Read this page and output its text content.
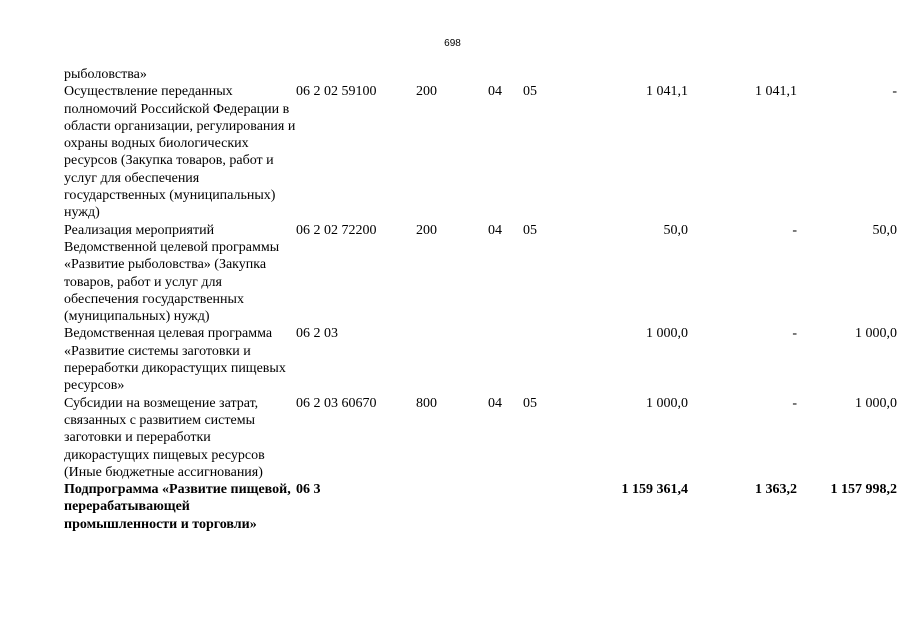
698
рыболовства»							
Осуществление переданных полномочий Российской Федерации в области организации, регулирования и охраны водных биологических ресурсов (Закупка товаров, работ и услуг для обеспечения государственных (муниципальных) нужд)	06 2 02 59100	200	04	05	1 041,1	1 041,1	-
Реализация мероприятий Ведомственной целевой программы «Развитие рыболовства» (Закупка товаров, работ и услуг для обеспечения государственных (муниципальных) нужд)	06 2 02 72200	200	04	05	50,0	-	50,0
Ведомственная целевая программа «Развитие системы заготовки и переработки дикорастущих пищевых ресурсов»	06 2 03				1 000,0	-	1 000,0
Субсидии на возмещение затрат, связанных с развитием системы заготовки и переработки дикорастущих пищевых ресурсов (Иные бюджетные ассигнования)	06 2 03 60670	800	04	05	1 000,0	-	1 000,0
Подпрограмма «Развитие пищевой, перерабатывающей промышленности и торговли»	06 3				1 159 361,4	1 363,2	1 157 998,2
